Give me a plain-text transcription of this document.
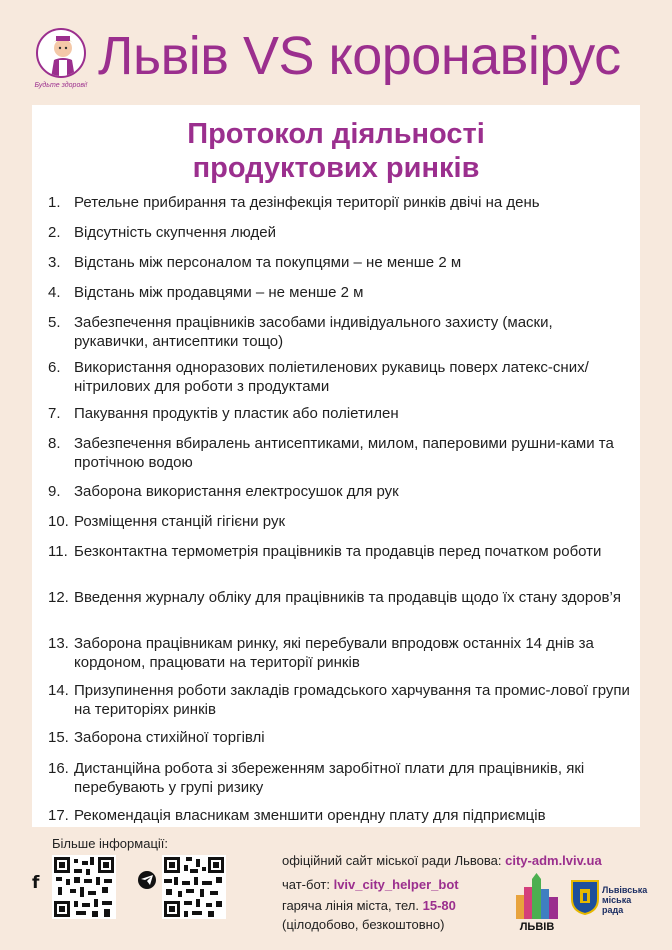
Будьте здорові! Львів VS коронавірус
Протокол діяльності
продуктових ринків
1. Ретельне прибирання та дезінфекція території ринків двічі на день
2. Відсутність скупчення людей
3. Відстань між персоналом та покупцями – не менше 2 м
4. Відстань між продавцями – не менше 2 м
5. Забезпечення працівників засобами індивідуального захисту (маски, рукавички, антисептики тощо)
6. Використання одноразових поліетиленових рукавиць поверх латекс-сних/нітрилових для роботи з продуктами
7. Пакування продуктів у пластик або поліетилен
8. Забезпечення вбиралень антисептиками, милом, паперовими рушни-ками та протічною водою
9. Заборона використання електросушок для рук
10. Розміщення станцій гігієни рук
11. Безконтактна термометрія працівників та продавців перед початком роботи
12. Введення журналу обліку для працівників та продавців щодо їх стану здоров’я
13. Заборона працівникам ринку, які перебували впродовж останніх 14 днів за кордоном, працювати на території ринків
14. Призупинення роботи закладів громадського харчування та промис-лової групи на територіях ринків
15. Заборона стихійної торгівлі
16. Дистанційна робота зі збереженням заробітної плати для працівників, які перебувають у групі ризику
17. Рекомендація власникам зменшити орендну плату для підприємців
Більше інформації:
f
офіційний сайт міської ради Львова: city-adm.lviv.ua
чат-бот: lviv_city_helper_bot
гаряча лінія міста, тел. 15-80
(цілодобово, безкоштовно)	ЛЬВІВ
Львівська
міська
рада
